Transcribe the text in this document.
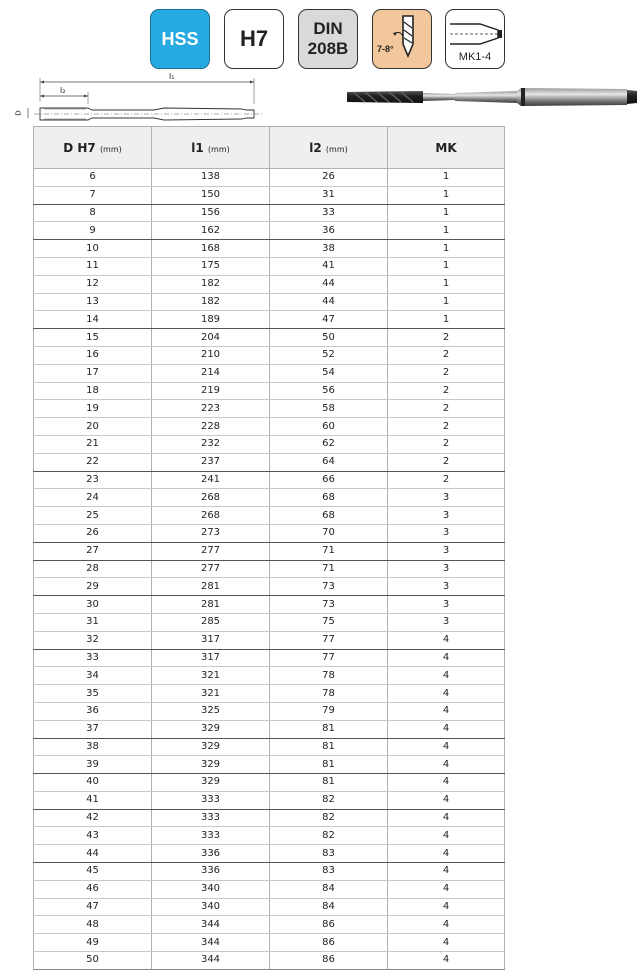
HSS H7	DIN
208B	7-8°
MK1-4
l₁
l₂
D
D H7 (mm)	l1 (mm)	l2 (mm)	MK
6	138	26	1
7	150	31	1
8	156	33	1
9	162	36	1
10	168	38	1
11	175	41	1
12	182	44	1
13	182	44	1
14	189	47	1
15	204	50	2
16	210	52	2
17	214	54	2
18	219	56	2
19	223	58	2
20	228	60	2
21	232	62	2
22	237	64	2
23	241	66	2
24	268	68	3
25	268	68	3
26	273	70	3
27	277	71	3
28	277	71	3
29	281	73	3
30	281	73	3
31	285	75	3
32	317	77	4
33	317	77	4
34	321	78	4
35	321	78	4
36	325	79	4
37	329	81	4
38	329	81	4
39	329	81	4
40	329	81	4
41	333	82	4
42	333	82	4
43	333	82	4
44	336	83	4
45	336	83	4
46	340	84	4
47	340	84	4
48	344	86	4
49	344	86	4
50	344	86	4
